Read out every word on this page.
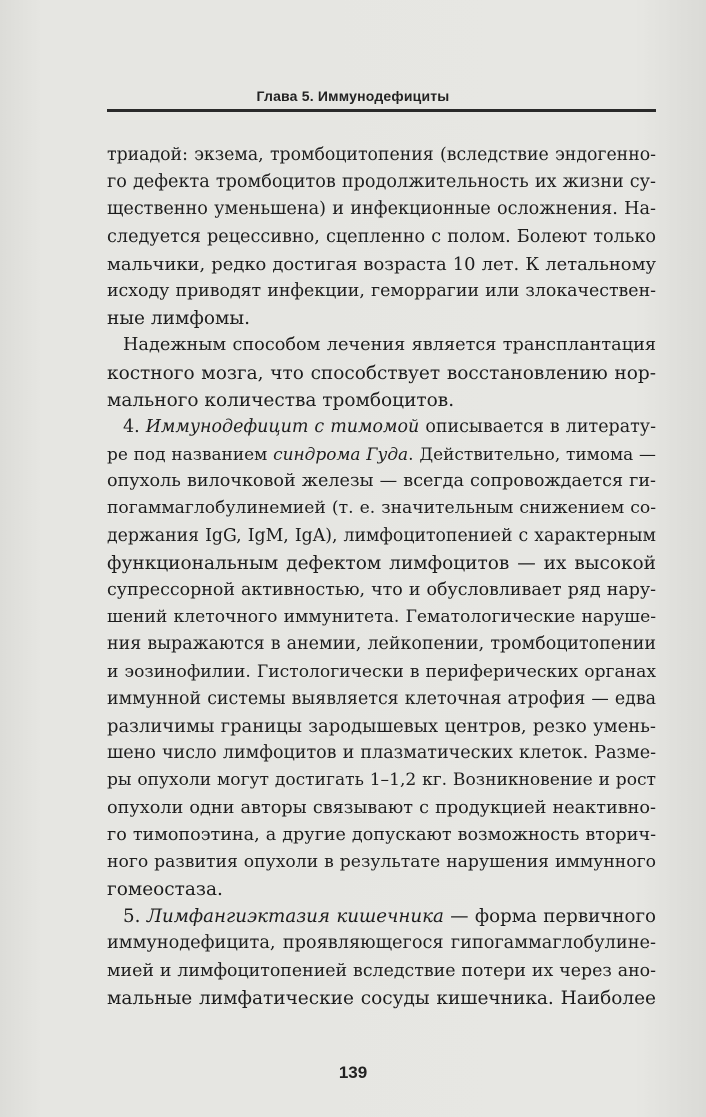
Глава 5. Иммунодефициты
триадой: экзема, тромбоцитопения (вследствие эндогенно-
го дефекта тромбоцитов продолжительность их жизни су-
щественно уменьшена) и инфекционные осложнения. На-
следуется рецессивно, сцепленно с полом. Болеют только
мальчики, редко достигая возраста 10 лет. К летальному
исходу приводят инфекции, геморрагии или злокачествен-
ные лимфомы.
Надежным способом лечения является трансплантация
костного мозга, что способствует восстановлению нор-
мального количества тромбоцитов.
4. Иммунодефицит с тимомой описывается в литерату-
ре под названием синдрома Гуда. Действительно, тимома —
опухоль вилочковой железы — всегда сопровождается ги-
погаммаглобулинемией (т. е. значительным снижением со-
держания IgG, IgM, IgA), лимфоцитопенией с характерным
функциональным дефектом лимфоцитов — их высокой
супрессорной активностью, что и обусловливает ряд нару-
шений клеточного иммунитета. Гематологические наруше-
ния выражаются в анемии, лейкопении, тромбоцитопении
и эозинофилии. Гистологически в периферических органах
иммунной системы выявляется клеточная атрофия — едва
различимы границы зародышевых центров, резко умень-
шено число лимфоцитов и плазматических клеток. Разме-
ры опухоли могут достигать 1–1,2 кг. Возникновение и рост
опухоли одни авторы связывают с продукцией неактивно-
го тимопоэтина, а другие допускают возможность вторич-
ного развития опухоли в результате нарушения иммунного
гомеостаза.
5. Лимфангиэктазия кишечника — форма первичного
иммунодефицита, проявляющегося гипогаммаглобулине-
мией и лимфоцитопенией вследствие потери их через ано-
мальные лимфатические сосуды кишечника. Наиболее
139
